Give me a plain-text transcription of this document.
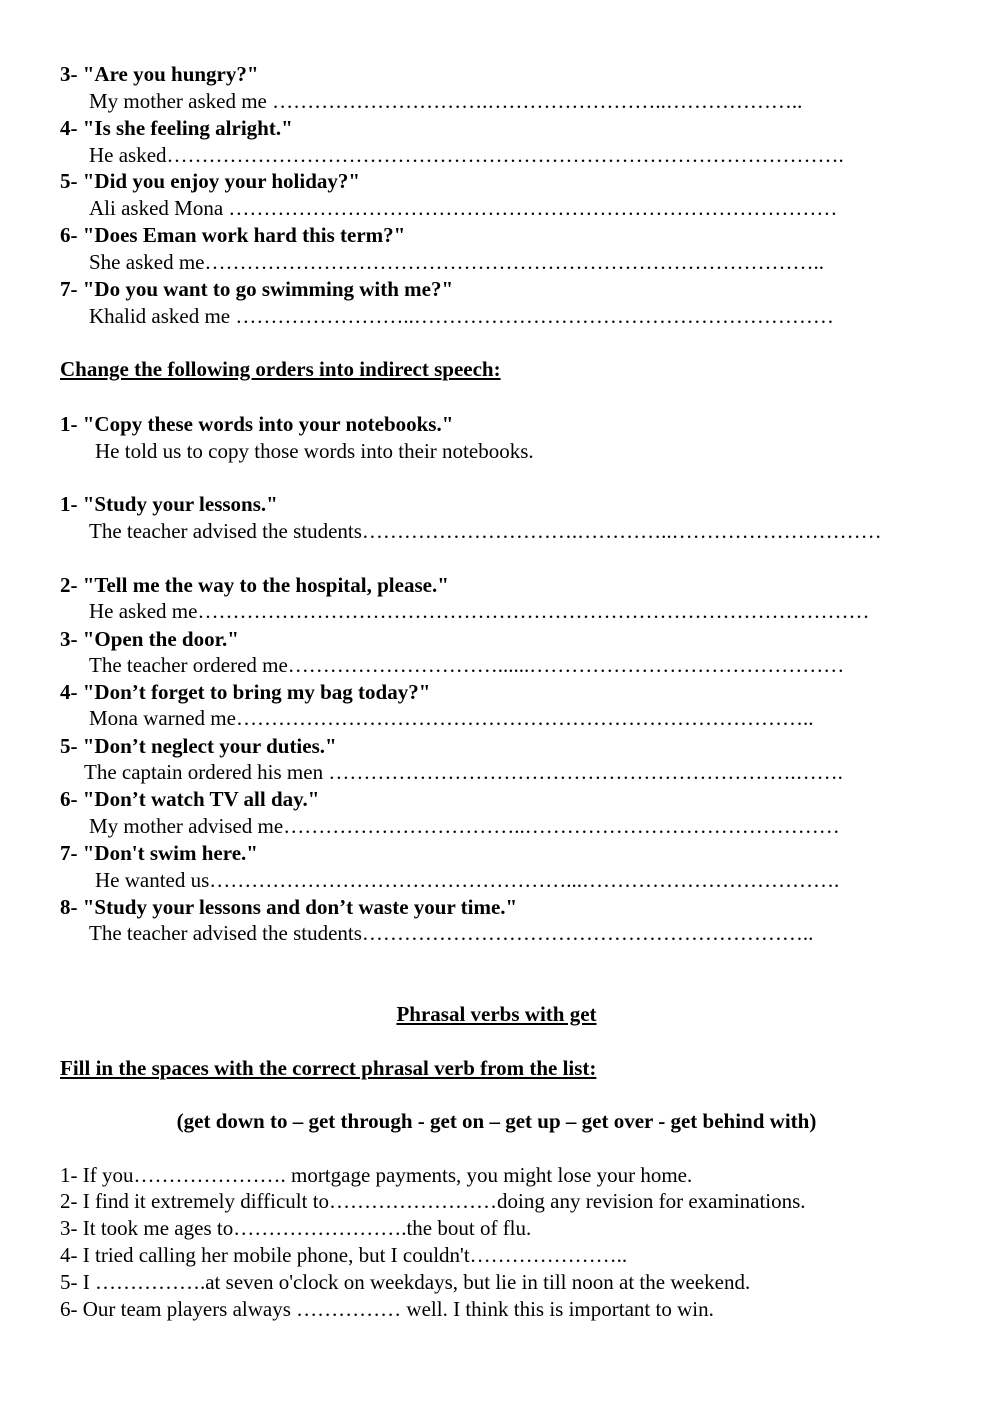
3- "Are you hungry?"
My mother asked me ………………………….……………………..………………..
4- "Is she feeling alright."
He asked…………………………………………………………………………………….
5- "Did you enjoy your holiday?"
Ali asked Mona ……………………………………………………………………………
6- "Does Eman work hard this term?"
She asked me……………………………………………………………………………..
7- "Do you want to go swimming with me?"
Khalid asked me ……………………..……………………………………………………
Change the following orders into indirect speech:
1- "Copy these words into your notebooks."
He told us to copy those words into their notebooks.
1- "Study your lessons."
The teacher advised the students………………………….…………..…………………………
2- "Tell me the way to the hospital, please."
He asked me……………………………………………………………………………………
3- "Open the door."
The teacher ordered me…………………………......………………………………………
4- "Don’t forget to bring my bag today?"
Mona warned me………………………………………………………………………..
5- "Don’t neglect your duties."
The captain ordered his men ………………………………………………………….…….
6- "Don’t watch TV all day."
My mother advised me……………………………..………………………………………
7- "Don't swim here."
He wanted us……………………………………………...……………………………….
8- "Study your lessons and don’t waste your time."
The teacher advised the students………………………………………………………..
Phrasal verbs with get
Fill in the spaces with the correct phrasal verb from the list:
(get down to – get through - get on – get up – get over - get behind with)
1- If you…………………. mortgage payments, you might lose your home.
2- I find it extremely difficult to……………………doing any revision for examinations.
3- It took me ages to…………………….the bout of flu.
4- I tried calling her mobile phone, but I couldn't…………………..
5- I …………….at seven o'clock on weekdays, but lie in till noon at the weekend.
6- Our team players always …………… well. I think this is important to win.
